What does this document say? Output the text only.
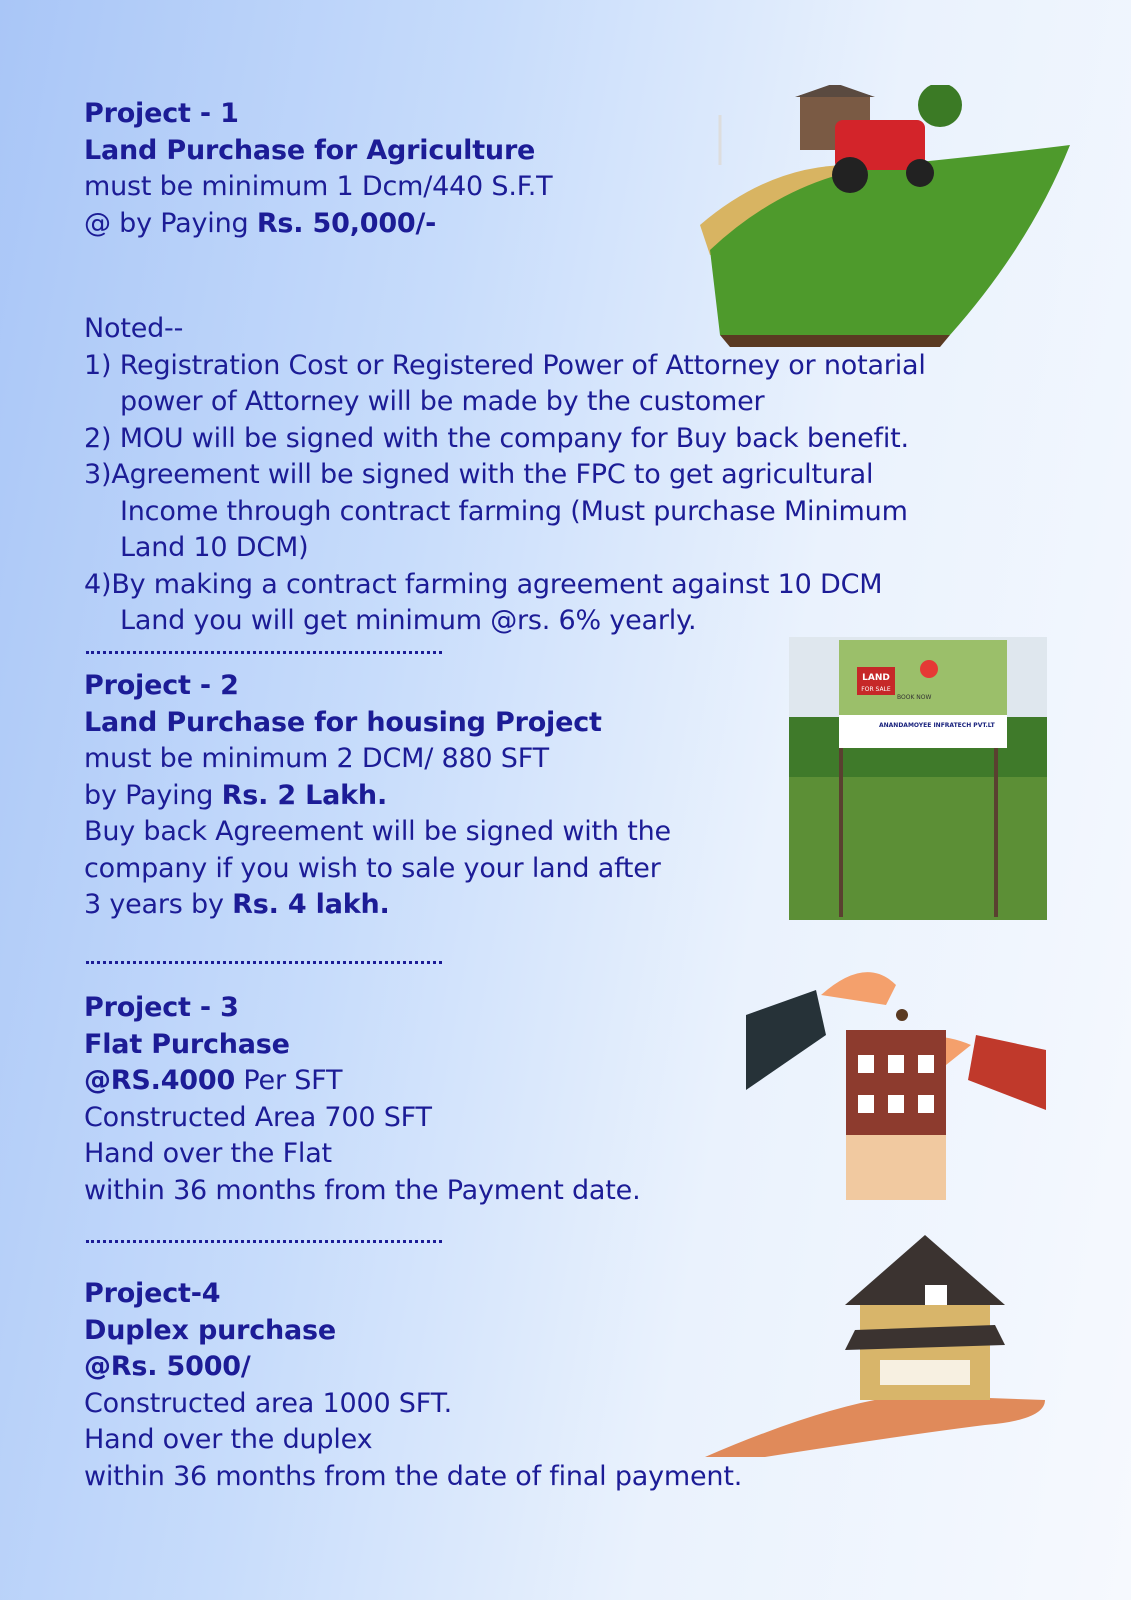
Project - 1
Land Purchase for Agriculture
must be minimum 1 Dcm/440 S.F.T
@ by Paying Rs. 50,000/-
Noted--
1) Registration Cost or Registered Power of Attorney or notarial
power of Attorney will be made by the customer
2) MOU will be signed with the company for Buy back benefit.
3)Agreement will be signed with the FPC to get agricultural
Income through contract farming (Must purchase Minimum
Land 10 DCM)
4)By making a contract farming agreement against 10 DCM
Land you will get minimum @rs. 6% yearly.
Project - 2
Land Purchase for housing Project
must be minimum 2 DCM/ 880 SFT
by Paying Rs. 2 Lakh.
Buy back Agreement will be signed with the
company if you wish to sale your land after
3 years by Rs. 4 lakh.
Project - 3
Flat Purchase
@RS.4000 Per SFT
Constructed Area 700 SFT
Hand over the Flat
within 36 months from the Payment date.
Project-4
Duplex purchase
@Rs. 5000/
Constructed area 1000 SFT.
Hand over the duplex
within 36 months from the date of final payment.
LAND
FOR SALE
BOOK NOW
ANANDAMOYEE INFRATECH PVT.LT
